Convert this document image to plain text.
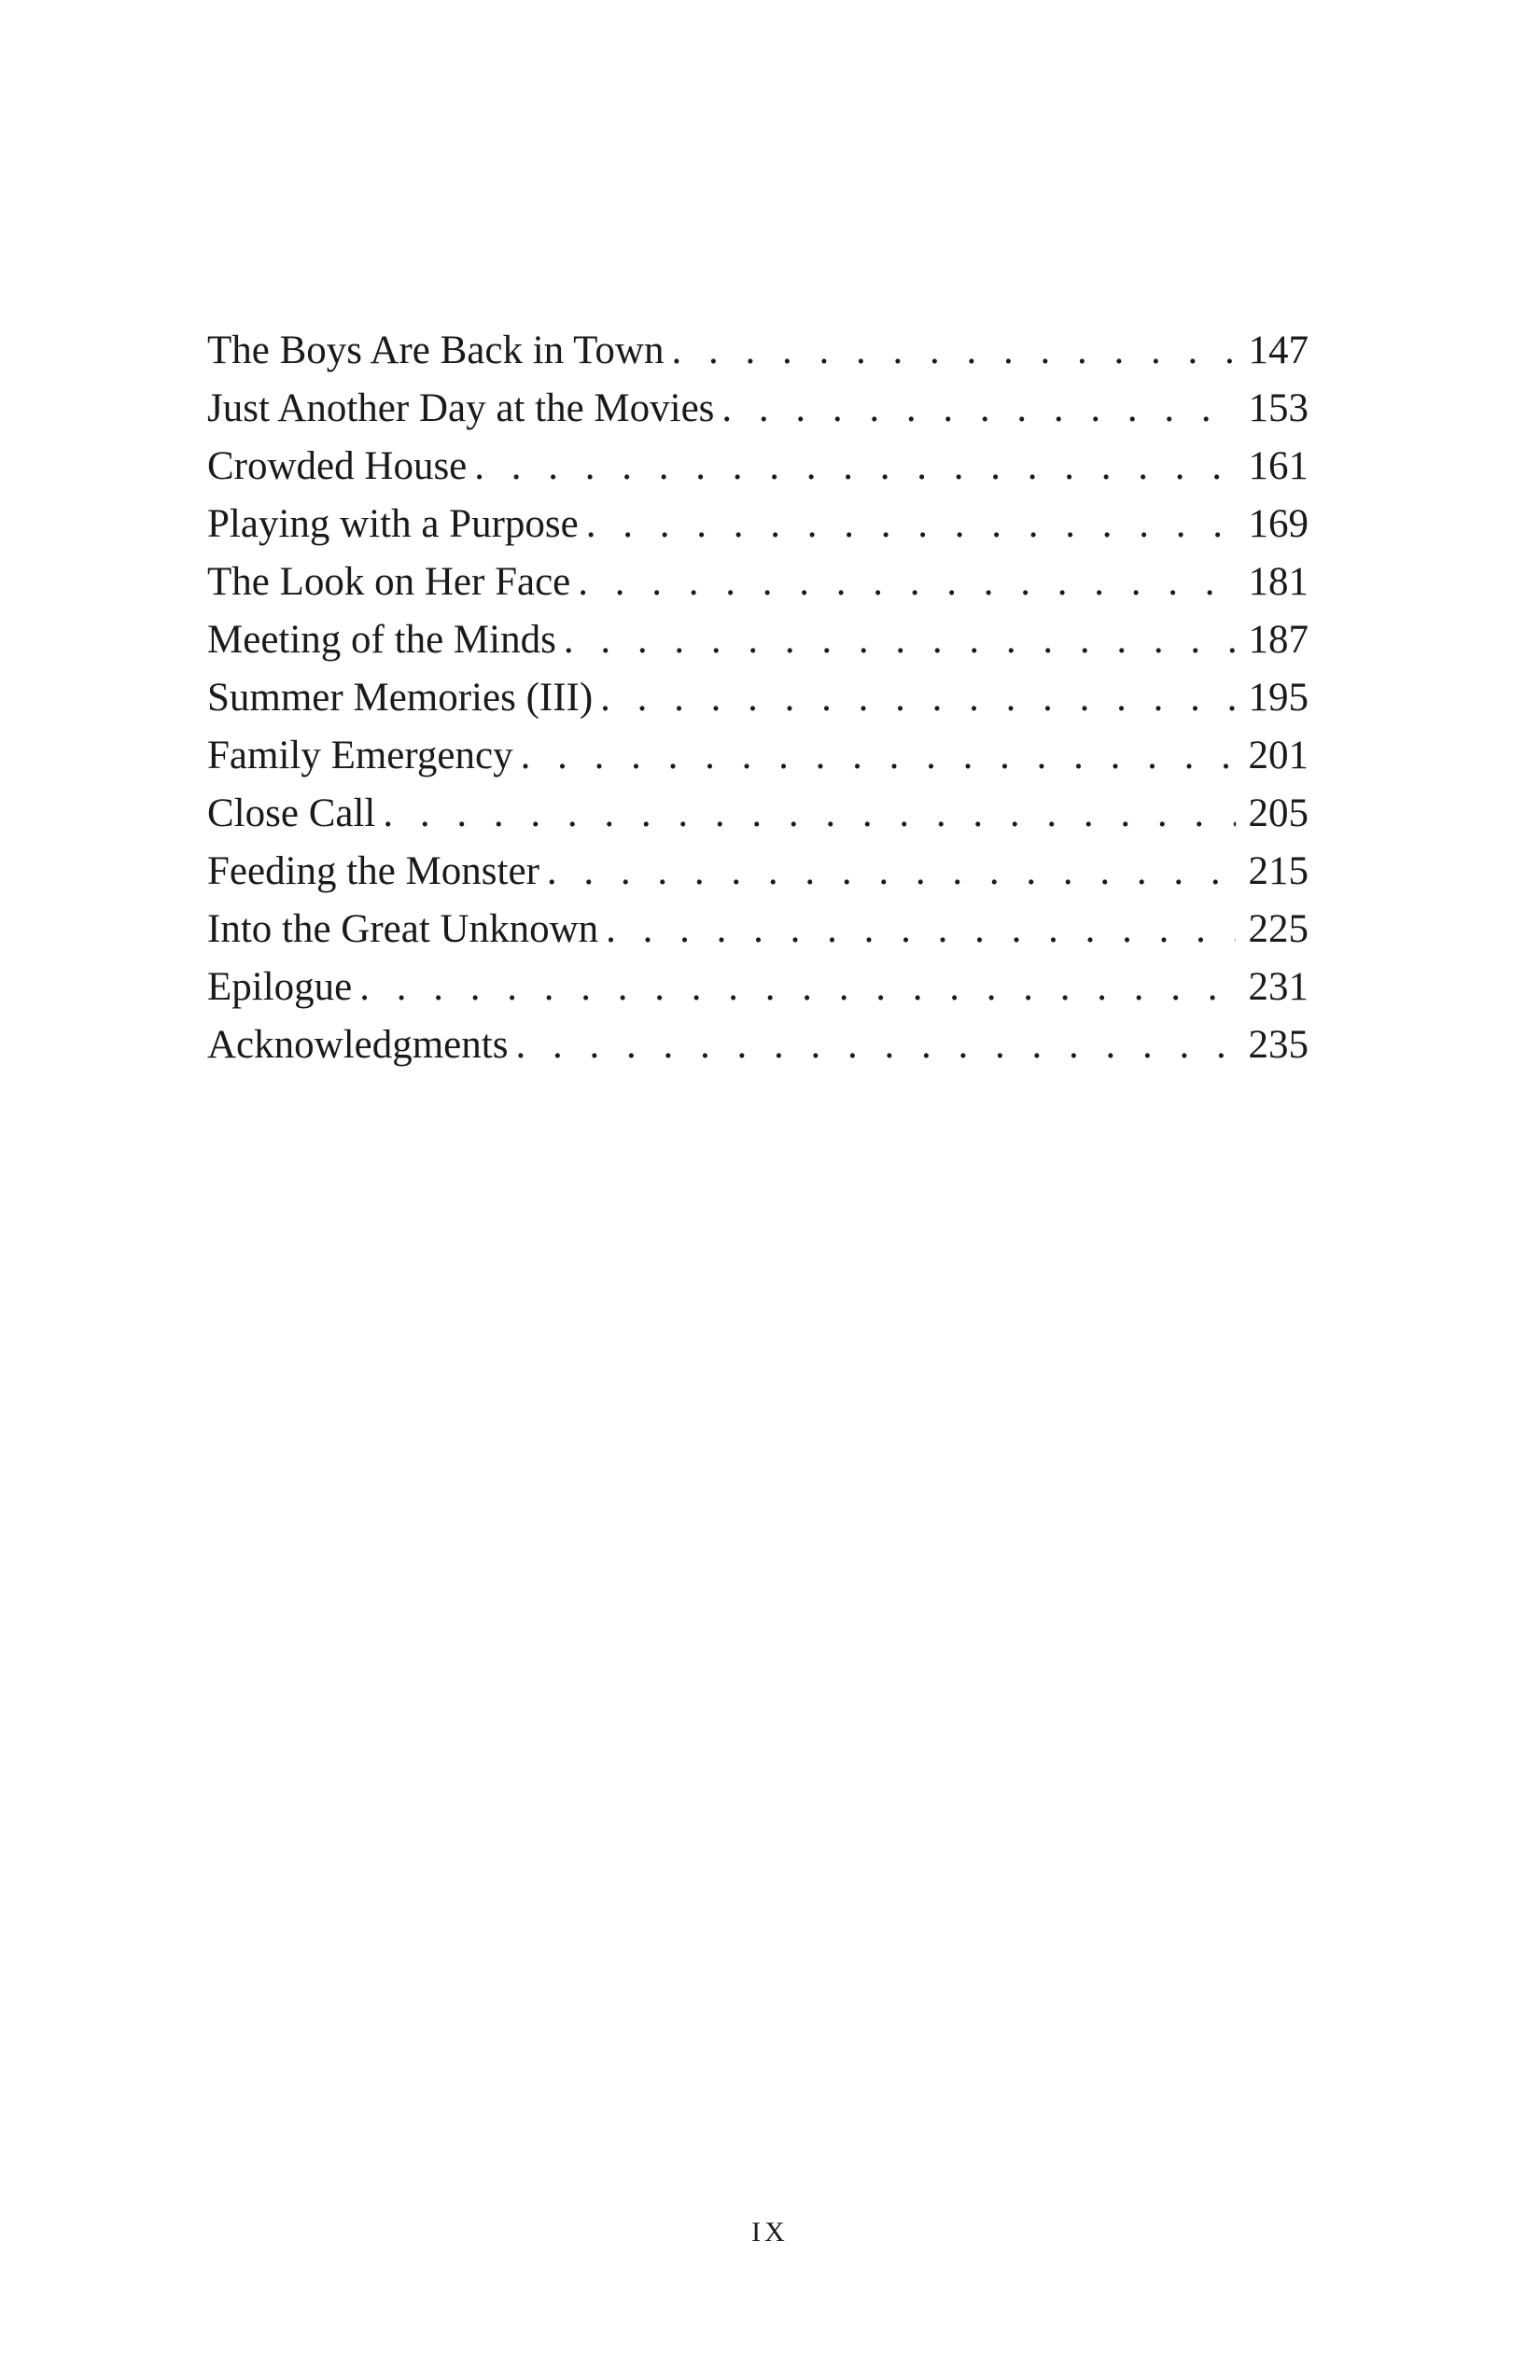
The Boys Are Back in Town . . .	147
Just Another Day at the Movies . . .	153
Crowded House . . .	161
Playing with a Purpose . . .	169
The Look on Her Face . . .	181
Meeting of the Minds . . .	187
Summer Memories (III) . . .	195
Family Emergency . . .	201
Close Call . . .	205
Feeding the Monster . . .	215
Into the Great Unknown . . .	225
Epilogue . . .	231
Acknowledgments . . .	235
IX
